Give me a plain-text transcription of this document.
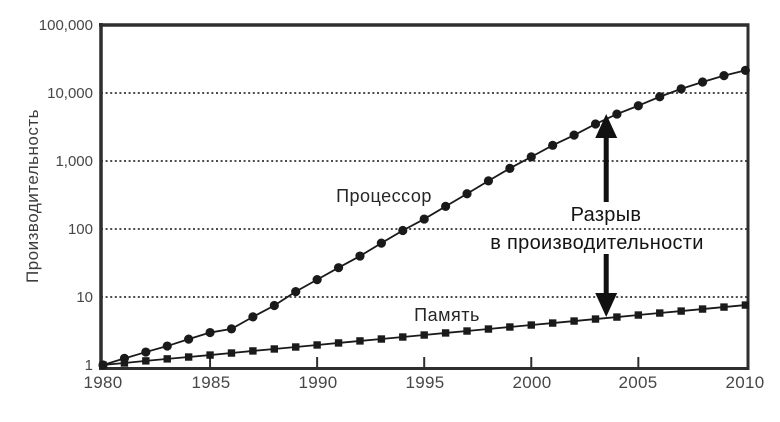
100,000
10,000
1,000
100
10
1
1980	1985	1990	1995	2000	2005	2010
Производительность	Процессор
Память
Разрыв
в производительности
